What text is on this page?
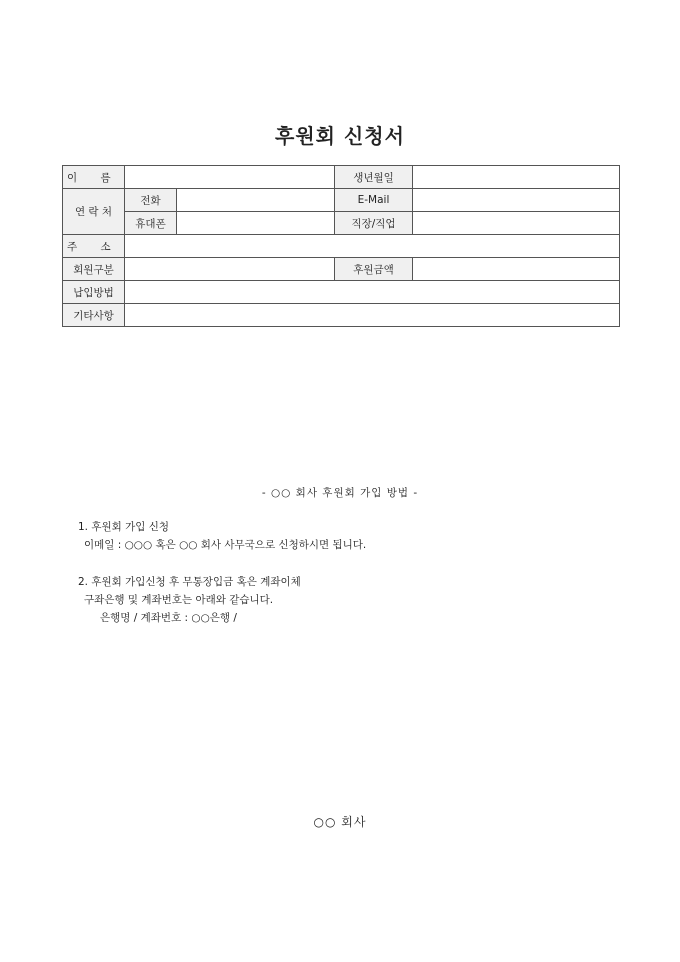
후원회 신청서
이 름			생년월일	
연 락 처	전화		E-Mail	
	휴대폰		직장/직업	
주 소				
회원구분			후원금액	
납입방법				
기타사항				
- ○○ 회사 후원회 가입 방법 -
1. 후원회 가입 신청
이메일 : ○○○ 혹은 ○○ 회사 사무국으로 신청하시면 됩니다.
2. 후원회 가입신청 후 무통장입금 혹은 계좌이체
구좌은행 및 계좌번호는 아래와 같습니다.
은행명 / 계좌번호 : ○○은행 /
○○ 회사
